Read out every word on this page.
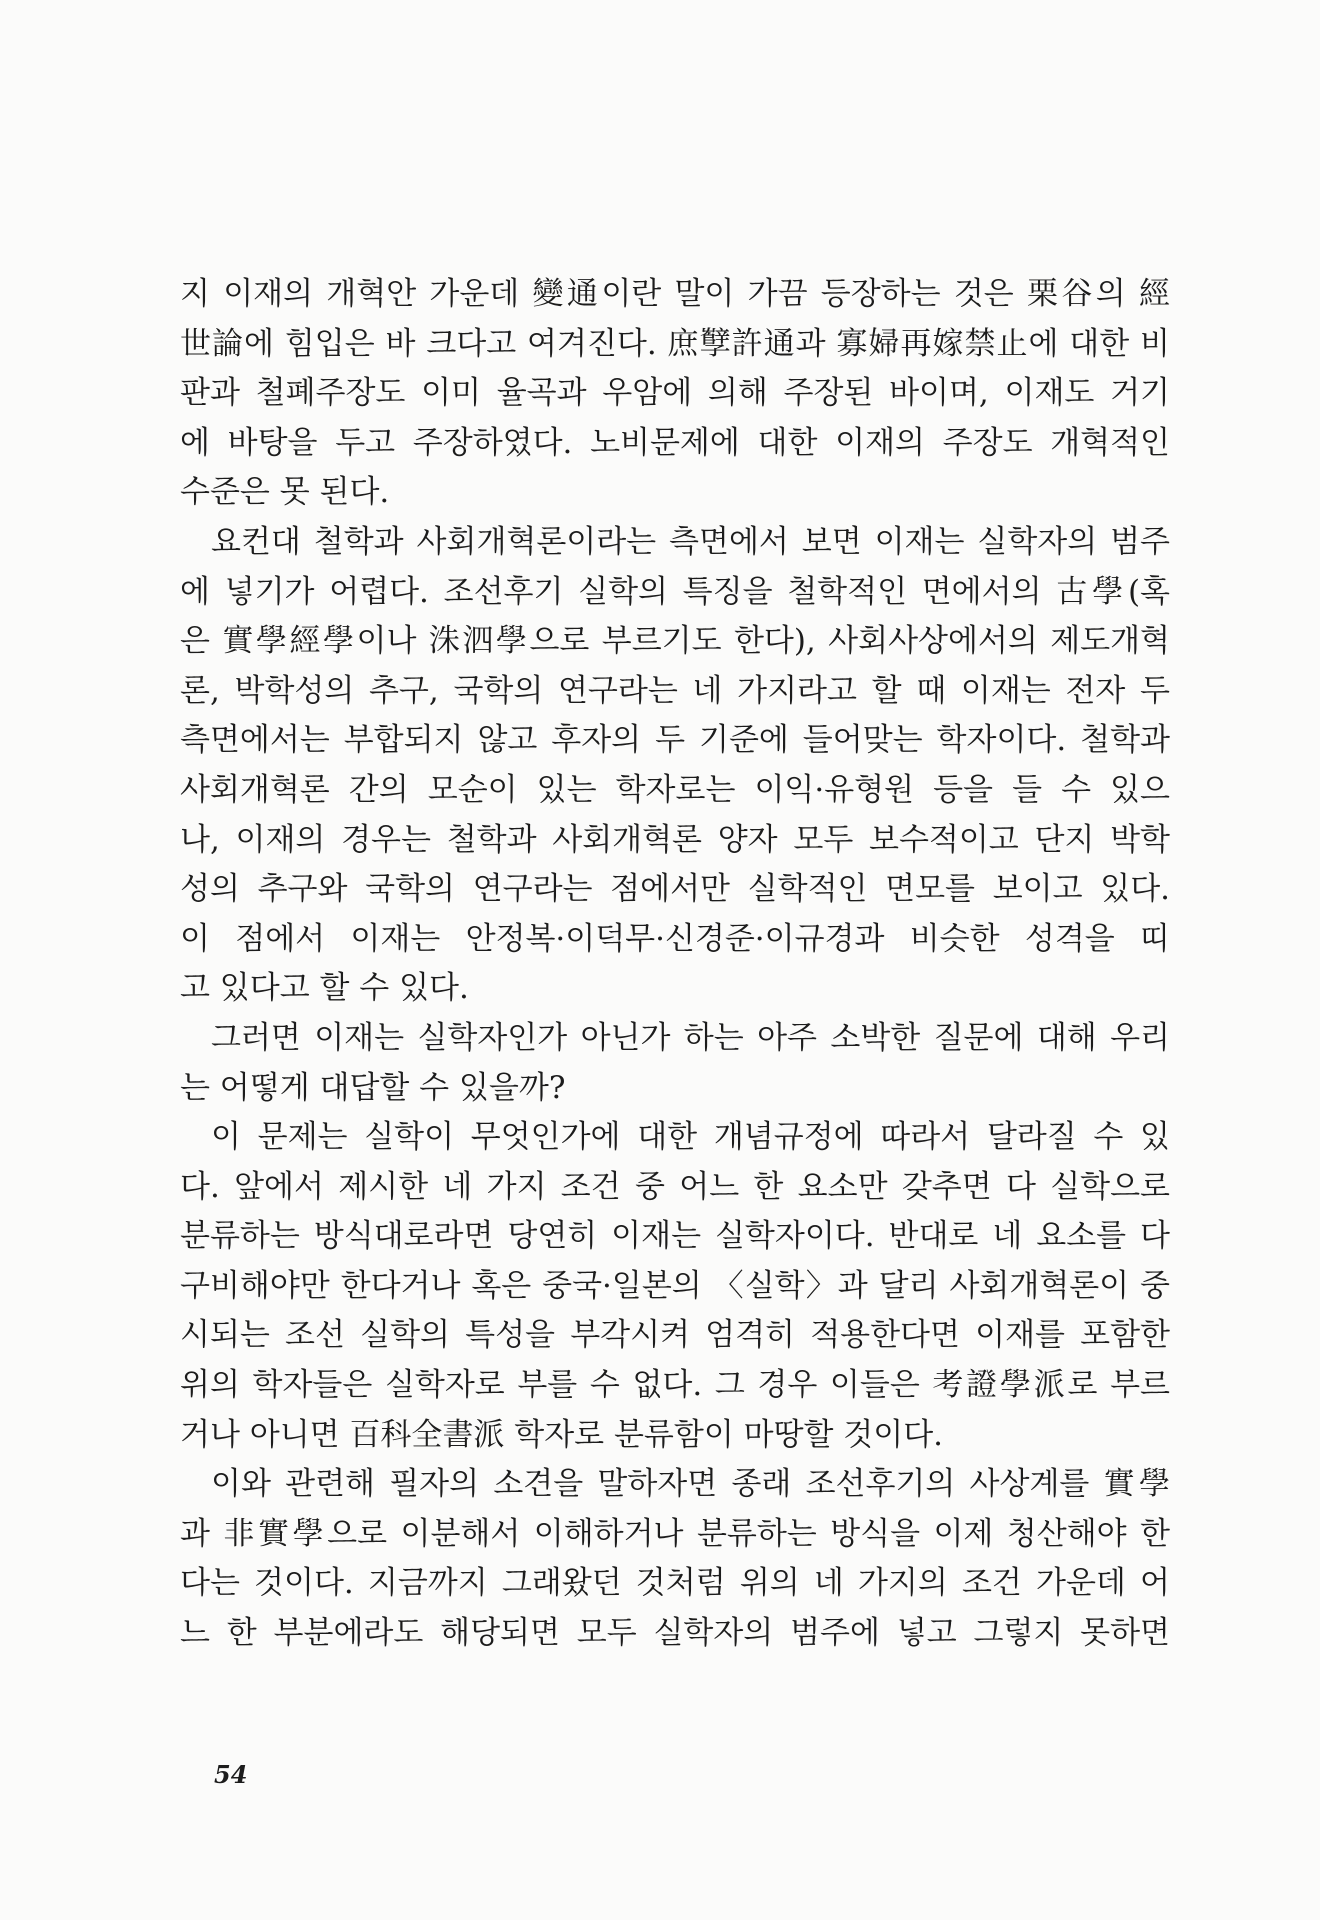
지 이재의 개혁안 가운데 變通이란 말이 가끔 등장하는 것은 栗谷의 經
世論에 힘입은 바 크다고 여겨진다. 庶孼許通과 寡婦再嫁禁止에 대한 비
판과 철폐주장도 이미 율곡과 우암에 의해 주장된 바이며, 이재도 거기
에 바탕을 두고 주장하였다. 노비문제에 대한 이재의 주장도 개혁적인
수준은 못 된다.
요컨대 철학과 사회개혁론이라는 측면에서 보면 이재는 실학자의 범주
에 넣기가 어렵다. 조선후기 실학의 특징을 철학적인 면에서의 古學(혹
은 實學經學이나 洙泗學으로 부르기도 한다), 사회사상에서의 제도개혁
론, 박학성의 추구, 국학의 연구라는 네 가지라고 할 때 이재는 전자 두
측면에서는 부합되지 않고 후자의 두 기준에 들어맞는 학자이다. 철학과
사회개혁론 간의 모순이 있는 학자로는 이익·유형원 등을 들 수 있으
나, 이재의 경우는 철학과 사회개혁론 양자 모두 보수적이고 단지 박학
성의 추구와 국학의 연구라는 점에서만 실학적인 면모를 보이고 있다.
이 점에서 이재는 안정복·이덕무·신경준·이규경과 비슷한 성격을 띠
고 있다고 할 수 있다.
그러면 이재는 실학자인가 아닌가 하는 아주 소박한 질문에 대해 우리
는 어떻게 대답할 수 있을까?
이 문제는 실학이 무엇인가에 대한 개념규정에 따라서 달라질 수 있
다. 앞에서 제시한 네 가지 조건 중 어느 한 요소만 갖추면 다 실학으로
분류하는 방식대로라면 당연히 이재는 실학자이다. 반대로 네 요소를 다
구비해야만 한다거나 혹은 중국·일본의 〈실학〉과 달리 사회개혁론이 중
시되는 조선 실학의 특성을 부각시켜 엄격히 적용한다면 이재를 포함한
위의 학자들은 실학자로 부를 수 없다. 그 경우 이들은 考證學派로 부르
거나 아니면 百科全書派 학자로 분류함이 마땅할 것이다.
이와 관련해 필자의 소견을 말하자면 종래 조선후기의 사상계를 實學
과 非實學으로 이분해서 이해하거나 분류하는 방식을 이제 청산해야 한
다는 것이다. 지금까지 그래왔던 것처럼 위의 네 가지의 조건 가운데 어
느 한 부분에라도 해당되면 모두 실학자의 범주에 넣고 그렇지 못하면
54
